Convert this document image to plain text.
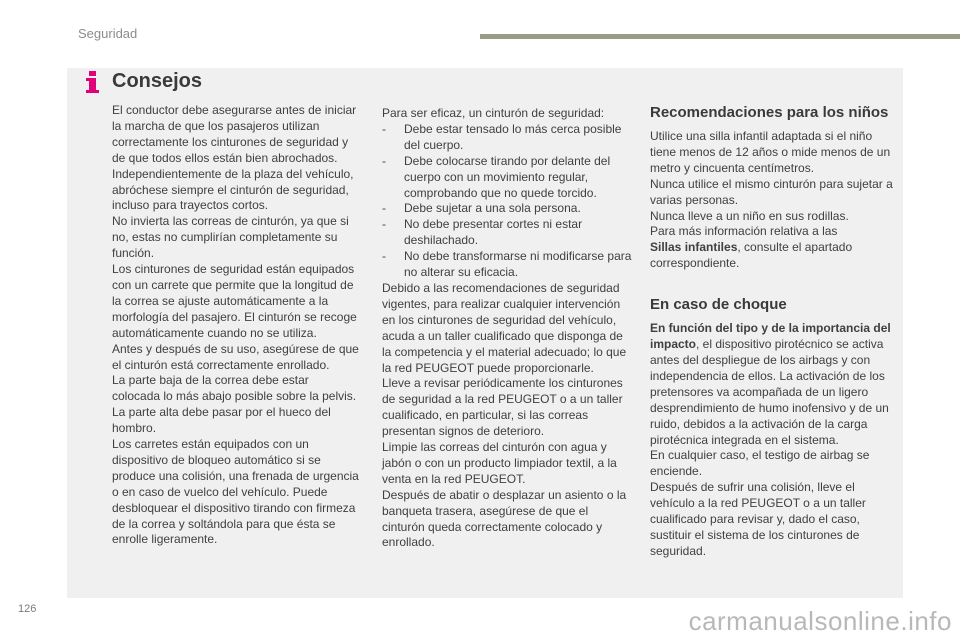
Seguridad
Consejos

El conductor debe asegurarse antes de iniciar la marcha de que los pasajeros utilizan correctamente los cinturones de seguridad y de que todos ellos están bien abrochados.

Independientemente de la plaza del vehículo, abróchese siempre el cinturón de seguridad, incluso para trayectos cortos.

No invierta las correas de cinturón, ya que si no, estas no cumplirían completamente su función.

Los cinturones de seguridad están equipados con un carrete que permite que la longitud de la correa se ajuste automáticamente a la morfología del pasajero. El cinturón se recoge automáticamente cuando no se utiliza.

Antes y después de su uso, asegúrese de que el cinturón está correctamente enrollado.

La parte baja de la correa debe estar colocada lo más abajo posible sobre la pelvis.

La parte alta debe pasar por el hueco del hombro.

Los carretes están equipados con un dispositivo de bloqueo automático si se produce una colisión, una frenada de urgencia o en caso de vuelco del vehículo. Puede desbloquear el dispositivo tirando con firmeza de la correa y soltándola para que ésta se enrolle ligeramente.

Para ser eficaz, un cinturón de seguridad:

- Debe estar tensado lo más cerca posible del cuerpo.

- Debe colocarse tirando por delante del cuerpo con un movimiento regular, comprobando que no quede torcido.

- Debe sujetar a una sola persona.

- No debe presentar cortes ni estar deshilachado.

- No debe transformarse ni modificarse para no alterar su eficacia.

Debido a las recomendaciones de seguridad vigentes, para realizar cualquier intervención en los cinturones de seguridad del vehículo, acuda a un taller cualificado que disponga de la competencia y el material adecuado; lo que la red PEUGEOT puede proporcionarle.

Lleve a revisar periódicamente los cinturones de seguridad a la red PEUGEOT o a un taller cualificado, en particular, si las correas presentan signos de deterioro.

Limpie las correas del cinturón con agua y jabón o con un producto limpiador textil, a la venta en la red PEUGEOT.

Después de abatir o desplazar un asiento o la banqueta trasera, asegúrese de que el cinturón queda correctamente colocado y enrollado.

Recomendaciones para los niños

Utilice una silla infantil adaptada si el niño tiene menos de 12 años o mide menos de un metro y cincuenta centímetros.

Nunca utilice el mismo cinturón para sujetar a varias personas.

Nunca lleve a un niño en sus rodillas.

Para más información relativa a las
Sillas infantiles, consulte el apartado correspondiente.

En caso de choque

En función del tipo y de la importancia del impacto, el dispositivo pirotécnico se activa antes del despliegue de los airbags y con independencia de ellos. La activación de los pretensores va acompañada de un ligero desprendimiento de humo inofensivo y de un ruido, debidos a la activación de la carga pirotécnica integrada en el sistema.

En cualquier caso, el testigo de airbag se enciende.

Después de sufrir una colisión, lleve el vehículo a la red PEUGEOT o a un taller cualificado para revisar y, dado el caso, sustituir el sistema de los cinturones de seguridad.

126	carmanualsonline.info
